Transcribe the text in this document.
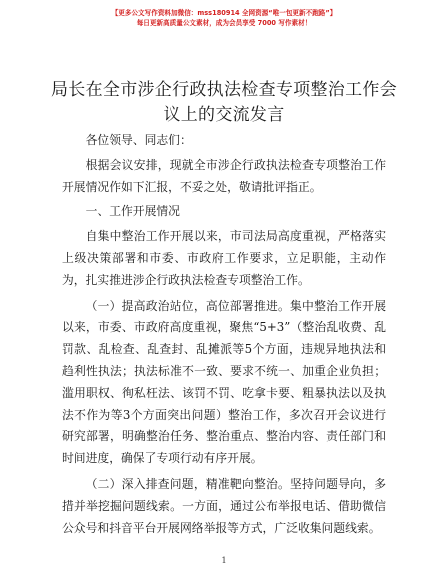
【更多公文写作资料加微信：mss180914 全网资源“唯一包更新不跑路”】
每日更新高质量公文素材，成为会员享受 7000 写作素材！
局长在全市涉企行政执法检查专项整治工作会
议上的交流发言

各位领导、同志们：

根据会议安排，现就全市涉企行政执法检查专项整治工作开展情况作如下汇报，不妥之处，敬请批评指正。

一、工作开展情况

自集中整治工作开展以来，市司法局高度重视，严格落实上级决策部署和市委、市政府工作要求，立足职能，主动作为，扎实推进涉企行政执法检查专项整治工作。

（一）提高政治站位，高位部署推进。集中整治工作开展以来，市委、市政府高度重视，聚焦“5+3”（整治乱收费、乱罚款、乱检查、乱查封、乱摊派等5个方面，违规异地执法和趋利性执法；执法标准不一致、要求不统一、加重企业负担；滥用职权、徇私枉法、该罚不罚、吃拿卡要、粗暴执法以及执法不作为等3个方面突出问题）整治工作，多次召开会议进行研究部署，明确整治任务、整治重点、整治内容、责任部门和时间进度，确保了专项行动有序开展。

（二）深入排查问题，精准靶向整治。坚持问题导向，多措并举挖掘问题线索。一方面，通过公布举报电话、借助微信公众号和抖音平台开展网络举报等方式，广泛收集问题线索。

1
